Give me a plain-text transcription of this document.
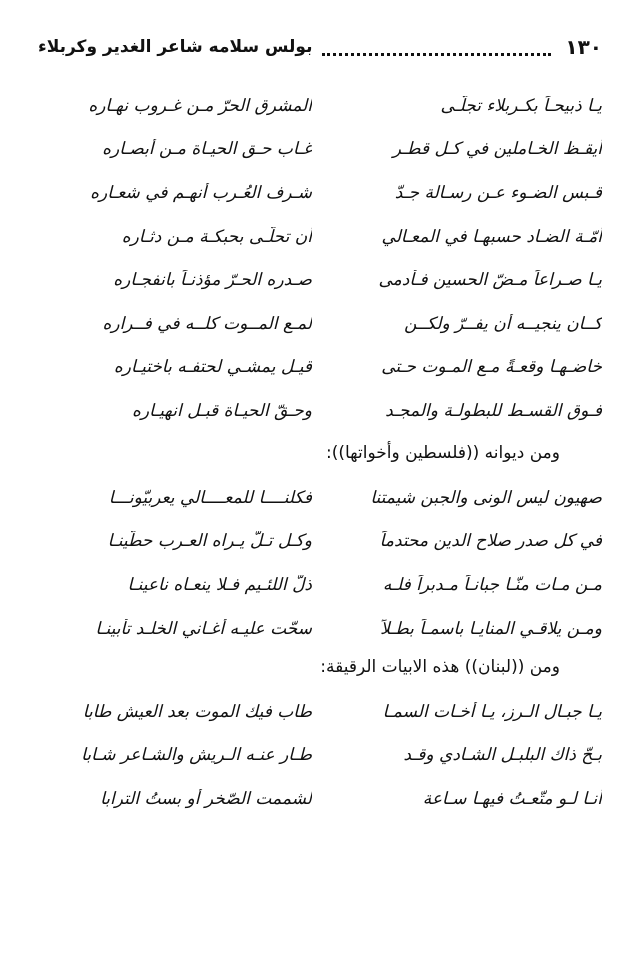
١٣٠
بولس سلامه شاعر الغدير وكربلاء
يـا ذبيحـاً بكـربلاء تجلّـى
المشرق الحرّ مـن غـروب نهـاره
أيقـظ الخـاملين في كـل قطـر
غـاب حـق الحيـاة مـن أبصـاره
قـبس الضـوء عـن رسـالة جـدّ
شـرف العُـرب أنهـم في شعـاره
أمّـة الضـاد حسبهـا في المعـالي
أن تحلّـى بحبكـة مـن دثـاره
يـا صـراعاً مـضّ الحسين فـأدمى
صـدره الحـرّ مؤذنـاً بانفجـاره
كــان ينجيــه أن يفــرّ ولكــن
لمـع المــوت كلــه في فــراره
خاضـهـا وقعـةً مـع المـوت حـتى
قيـل يمشـي لحتفـه باختيـاره
فـوق القسـط للبطولـة والمجـد
وحـقّ الحيـاة قبـل انهيـاره
ومن ديوانه ((فلسطين وأخواتها)):
صهيون ليس الونى والجبن شيمتنا
فكلنــــا للمعــــالي يعربيّونـــا
في كل صدر صلاح الدين محتدماً
وكـل تـلّ يـراه العـرب حطّينـا
مـن مـات منّـا جبانـاً مـدبراً فلـه
ذلّ اللئـيم فـلا ينعـاه ناعينـا
ومـن يلاقـي المنايـا باسمـاً بطـلاً
سحّت عليـه أغـاني الخلـد تأبينـا
ومن ((لبنان)) هذه الابيات الرقيقة:
يـا جبـال الـرز، يـا أخـات السمـا
طاب فيك الموت بعد العيش طابا
بـحّ ذاك البلبـل الشـادي وقـد
طـار عنـه الـريش والشـاعر شـابا
أنـا لـو متّعـتُ فيهـا سـاعة
لشممت الصّخر أو بستُ الترابا
